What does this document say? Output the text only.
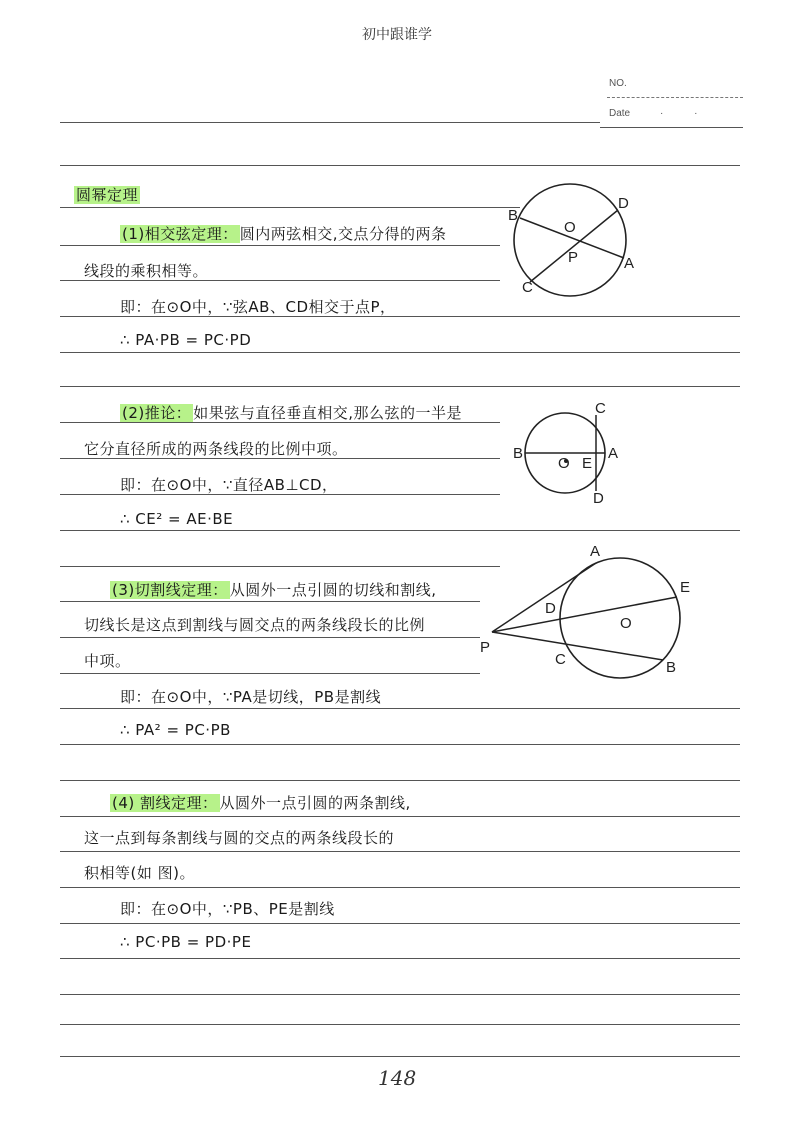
初中跟谁学
NO.
Date	· ·
圆幂定理
(1)相交弦定理： 圆内两弦相交,交点分得的两条
线段的乘积相等。
即：在⊙O中，∵弦AB、CD相交于点P，
∴ PA·PB = PC·PD
B
D
O
P	A
C
(2)推论： 如果弦与直径垂直相交,那么弦的一半是
它分直径所成的两条线段的比例中项。
即：在⊙O中，∵直径AB⊥CD，
∴ CE² = AE·BE
C
B
O E
A
D
(3)切割线定理： 从圆外一点引圆的切线和割线,
切线长是这点到割线与圆交点的两条线段长的比例
中项。
即：在⊙O中，∵PA是切线，PB是割线
∴ PA² = PC·PB
A
E
D
O
P
C	B
(4) 割线定理： 从圆外一点引圆的两条割线,
这一点到每条割线与圆的交点的两条线段长的
积相等(如 图)。
即：在⊙O中，∵PB、PE是割线
∴ PC·PB = PD·PE
148
